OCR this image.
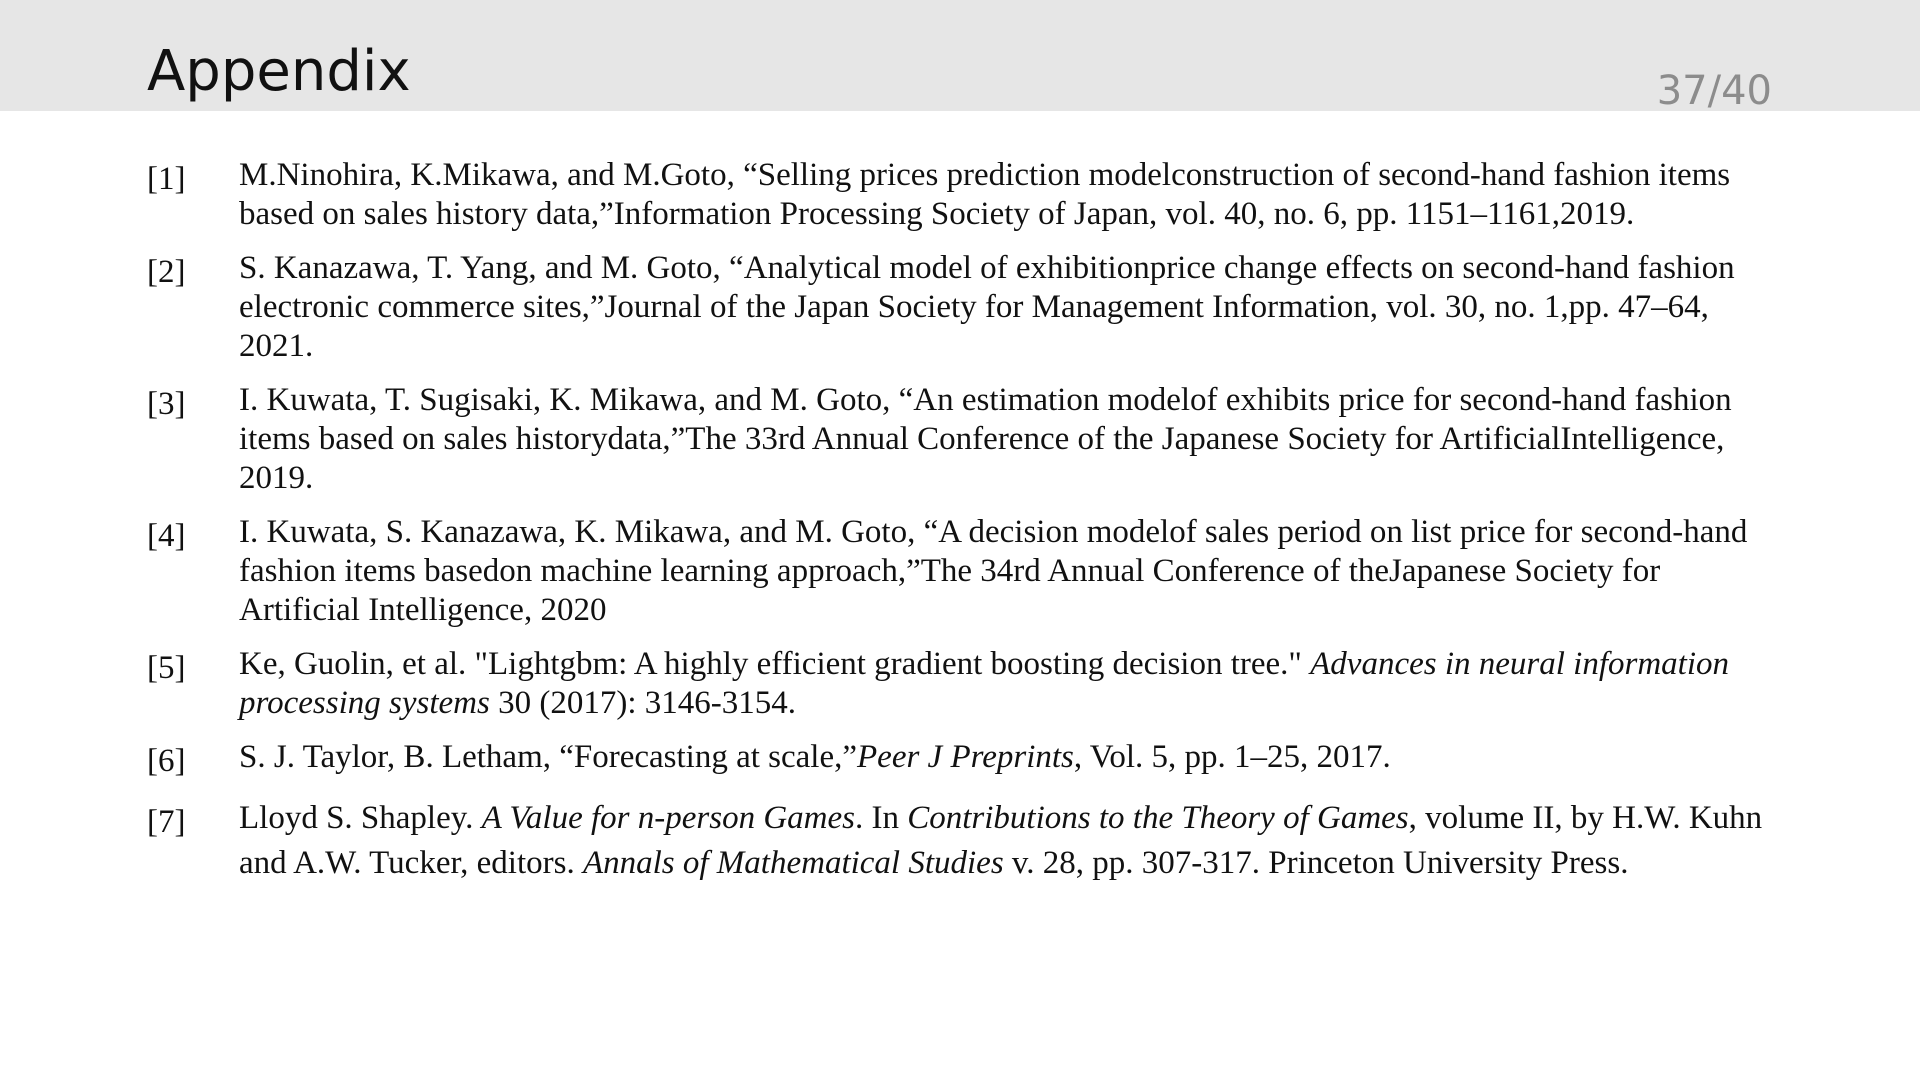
Appendix	37/40
[1]	M.Ninohira, K.Mikawa, and M.Goto, “Selling prices prediction modelconstruction of second-hand fashion items based on sales history data,”Information Processing Society of Japan, vol. 40, no. 6, pp. 1151–1161,2019.
[2]	S. Kanazawa, T. Yang, and M. Goto, “Analytical model of exhibitionprice change effects on second-hand fashion electronic commerce sites,”Journal of the Japan Society for Management Information, vol. 30, no. 1,pp. 47–64, 2021.
[3]	I. Kuwata, T. Sugisaki, K. Mikawa, and M. Goto, “An estimation modelof exhibits price for second-hand fashion items based on sales historydata,”The 33rd Annual Conference of the Japanese Society for ArtificialIntelligence, 2019.
[4]	I. Kuwata, S. Kanazawa, K. Mikawa, and M. Goto, “A decision modelof sales period on list price for second-hand fashion items basedon machine learning approach,”The 34rd Annual Conference of theJapanese Society for Artificial Intelligence, 2020
[5]	Ke, Guolin, et al. "Lightgbm: A highly efficient gradient boosting decision tree." Advances in neural information processing systems 30 (2017): 3146-3154.
[6]	S. J. Taylor, B. Letham, “Forecasting at scale,”Peer J Preprints, Vol. 5, pp. 1–25, 2017.
[7]	Lloyd S. Shapley. A Value for n-person Games. In Contributions to the Theory of Games, volume II, by H.W. Kuhn and A.W. Tucker, editors. Annals of Mathematical Studies v. 28, pp. 307-317. Princeton University Press.
